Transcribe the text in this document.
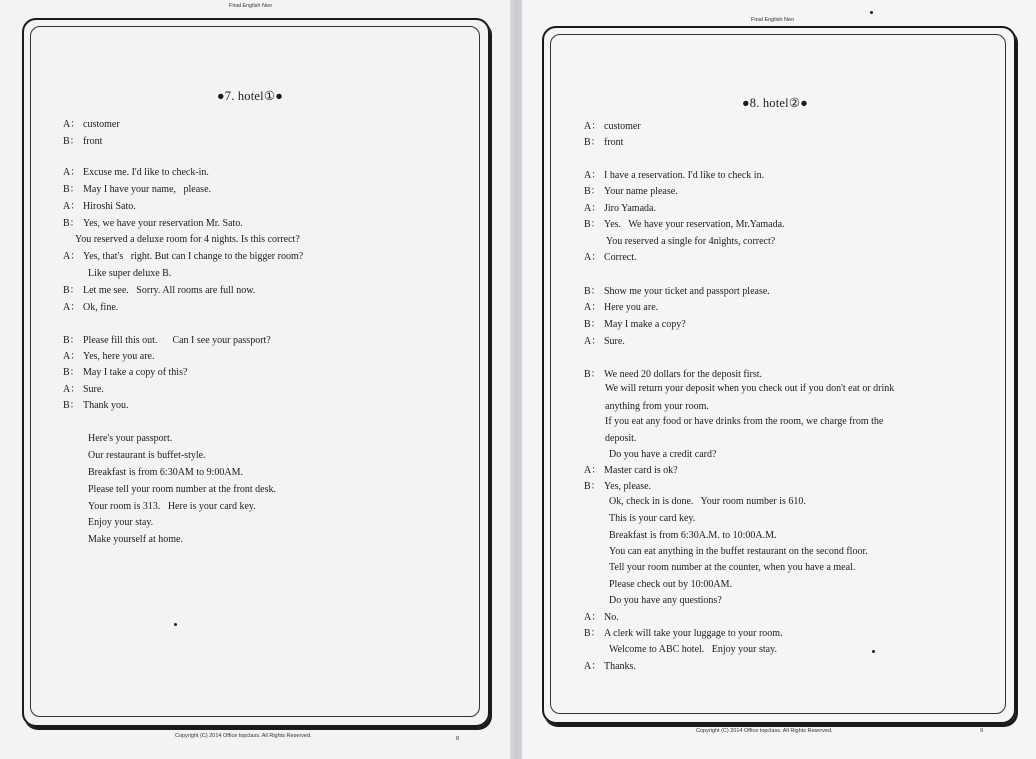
Final English Neo
●7. hotel①●
A： customer
B： front
A： Excuse me. I'd like to check-in.
B： May I have your name,   please.
A： Hiroshi Sato.
B： Yes, we have your reservation Mr. Sato.
You reserved a deluxe room for 4 nights. Is this correct?
A： Yes, that's   right. But can I change to the bigger room?
Like super deluxe B.
B： Let me see.   Sorry. All rooms are full now.
A： Ok, fine.
B： Please fill this out.      Can I see your passport?
A： Yes, here you are.
B： May I take a copy of this?
A： Sure.
B： Thank you.
Here's your passport.
Our restaurant is buffet-style.
Breakfast is from 6:30AM to 9:00AM.
Please tell your room number at the front desk.
Your room is 313.   Here is your card key.
Enjoy your stay.
Make yourself at home.
Copyright (C) 2014 Office topclass. All Rights Reserved.	8
Final English Neo
●8. hotel②●
A： customer
B： front
A： I have a reservation. I'd like to check in.
B： Your name please.
A： Jiro Yamada.
B： Yes.   We have your reservation, Mr.Yamada.
You reserved a single for 4nights, correct?
A： Correct.
B： Show me your ticket and passport please.
A： Here you are.
B： May I make a copy?
A： Sure.
B： We need 20 dollars for the deposit first.
We will return your deposit when you check out if you don't eat or drink
anything from your room.
If you eat any food or have drinks from the room, we charge from the
deposit.
Do you have a credit card?
A： Master card is ok?
B： Yes, please.
Ok, check in is done.   Your room number is 610.
This is your card key.
Breakfast is from 6:30A.M. to 10:00A.M.
You can eat anything in the buffet restaurant on the second floor.
Tell your room number at the counter, when you have a meal.
Please check out by 10:00AM.
Do you have any questions?
A： No.
B： A clerk will take your luggage to your room.
Welcome to ABC hotel.   Enjoy your stay.
A： Thanks.
Copyright (C) 2014 Office topclass. All Rights Reserved.	9
